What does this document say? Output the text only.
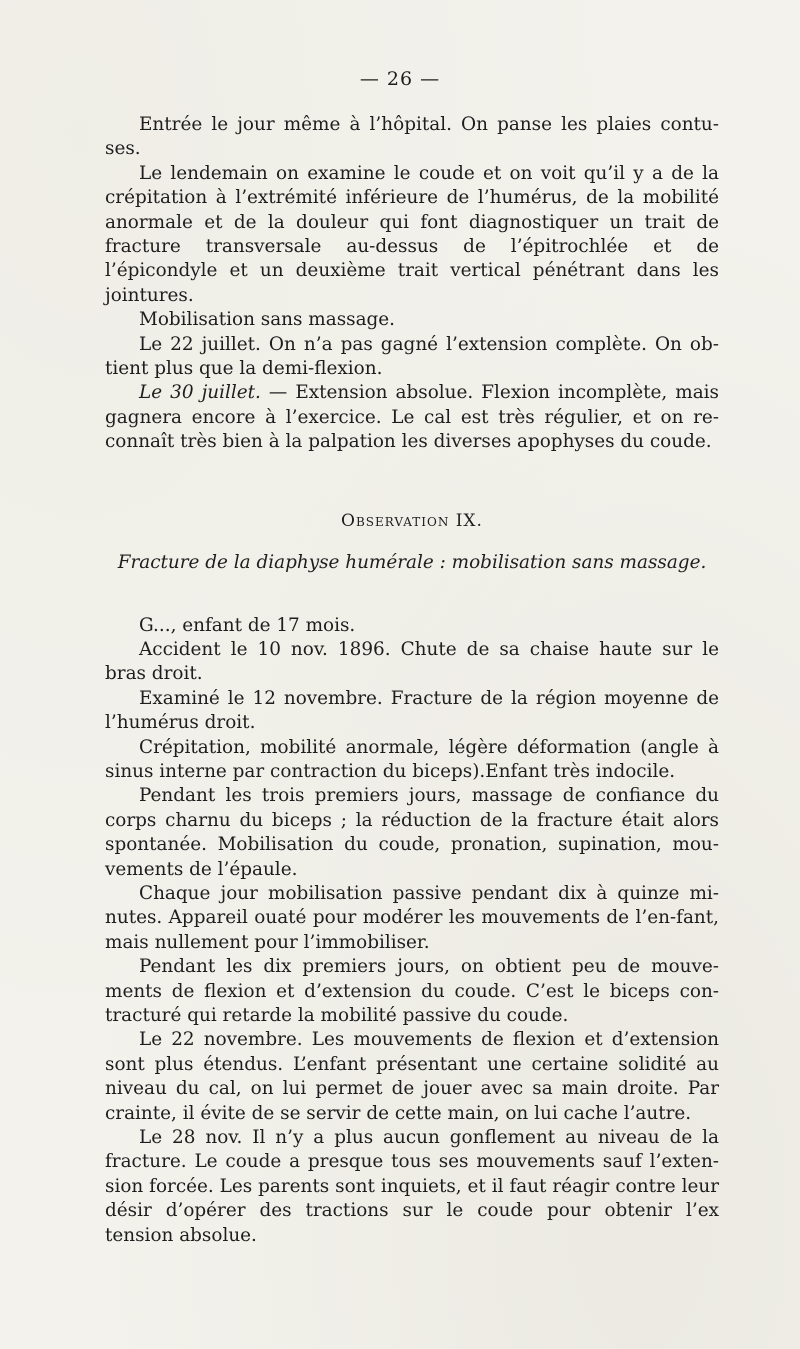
— 26 —

Entrée le jour même à l’hôpital. On panse les plaies contu-ses.

Le lendemain on examine le coude et on voit qu’il y a de la crépitation à l’extrémité inférieure de l’humérus, de la mobilité anormale et de la douleur qui font diagnostiquer un trait de fracture transversale au-dessus de l’épitrochlée et de l’épicondyle et un deuxième trait vertical pénétrant dans les jointures.

Mobilisation sans massage.

Le 22 juillet. On n’a pas gagné l’extension complète. On ob-tient plus que la demi-flexion.

Le 30 juillet. — Extension absolue. Flexion incomplète, mais gagnera encore à l’exercice. Le cal est très régulier, et on re-connaît très bien à la palpation les diverses apophyses du coude.

Observation IX.
Fracture de la diaphyse humérale : mobilisation sans massage.

G..., enfant de 17 mois.

Accident le 10 nov. 1896. Chute de sa chaise haute sur le bras droit.

Examiné le 12 novembre. Fracture de la région moyenne de l’humérus droit.

Crépitation, mobilité anormale, légère déformation (angle à sinus interne par contraction du biceps).Enfant très indocile.

Pendant les trois premiers jours, massage de confiance du corps charnu du biceps ; la réduction de la fracture était alors spontanée. Mobilisation du coude, pronation, supination, mou-vements de l’épaule.

Chaque jour mobilisation passive pendant dix à quinze mi-nutes. Appareil ouaté pour modérer les mouvements de l’en-fant, mais nullement pour l’immobiliser.

Pendant les dix premiers jours, on obtient peu de mouve-ments de flexion et d’extension du coude. C’est le biceps con-tracturé qui retarde la mobilité passive du coude.

Le 22 novembre. Les mouvements de flexion et d’extension sont plus étendus. L’enfant présentant une certaine solidité au niveau du cal, on lui permet de jouer avec sa main droite. Par crainte, il évite de se servir de cette main, on lui cache l’autre.

Le 28 nov. Il n’y a plus aucun gonflement au niveau de la fracture. Le coude a presque tous ses mouvements sauf l’exten-sion forcée. Les parents sont inquiets, et il faut réagir contre leur désir d’opérer des tractions sur le coude pour obtenir l’ex tension absolue.
